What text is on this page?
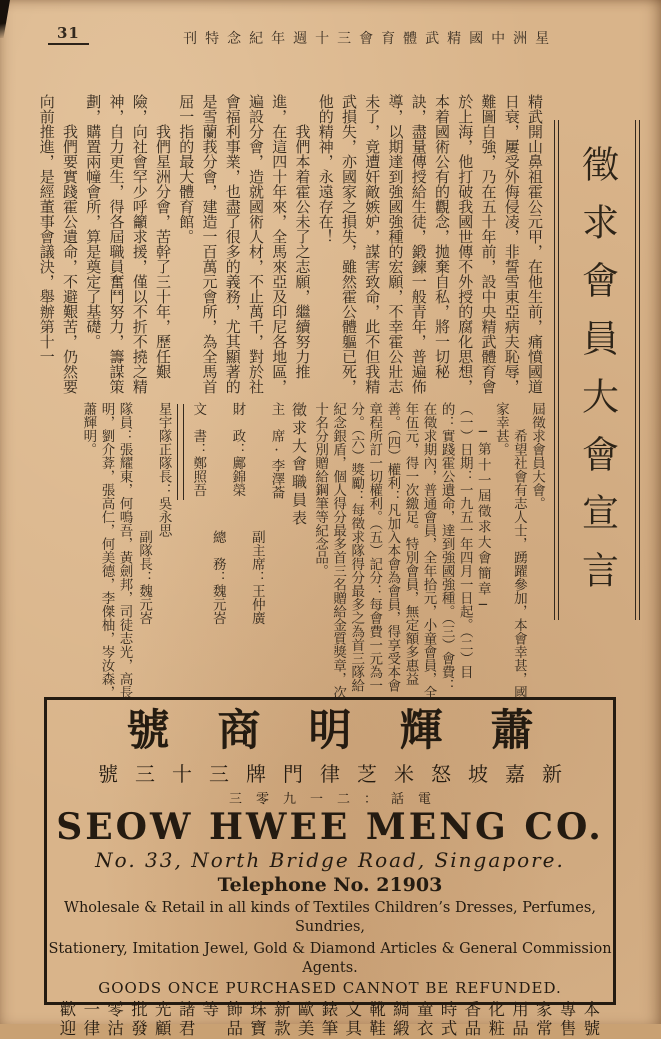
31	刊特念紀年週十三會育體武精國中洲星

精武開山鼻祖霍公元甲，在他生前，痛憤國道日衰，屢受外侮侵凌，非誓雪東亞病夫恥辱，難圖自強，乃在五十年前，設中央精武體育會於上海，他打破我國世傳不外授的腐化思想，本着國術公有的觀念，拋棄自私，將一切秘訣，盡量傳授給生徒，鍛鍊一般青年，普遍佈導，以期達到強國強種的宏願，不幸霍公壯志未了，竟遭奸敵嫉妒，謀害致命，此不但我精武損失，亦國家之損失，雖然霍公體軀已死，他的精神，永遠存在！

我們本着霍公未了之志願，繼續努力推進，在這四十年來，全馬來亞及印尼各地區，遍設分會，造就國術人材，不止萬千，對於社會福利事業，也盡了很多的義務，尤其顯著的是雪蘭莪分會，建造一百萬元會所，為全馬首屈一指的最大體育館。

我們星洲分會，苦幹了三十年，歷任艱險，向社會罕少呼籲求援，僅以不折不撓之精神，自力更生，得各屆職員奮鬥努力，籌謀策劃，購置兩幢會所，算是奠定了基礎。

我們要實踐霍公遺命，不避艱苦，仍然要向前推進，是經董事會議決，舉辦第十一

屆徵求會員大會。

希望社會有志人士，踴躍參加，本會幸甚，國家幸甚。

─第十一屆徵求大會簡章─

（一）日期：一九五一年四月一日起。（二）目的：實踐霍公遺命，達到強國強種。（三）會費：在徵求期內，普通會員，全年拾元，小童會員，全年伍元，得一次繳足。特別會員，無定額多惠益善。（四）權利：凡加入本會為會員，得享受本會章程所訂一切權利。（五）記分：每會費一元為一分。（六）獎勵：每徵求隊得分最多之為首三隊給紀念銀盾，個人得分最多首三名贈給金質獎章，次十名分別贈給鋼筆等紀念品。

徵求大會職員表

主　席·李澤菕
副主席：王仲廣
財　政：鄺錦榮
總　務：魏元峇
文　書：鄭照吾
星宇隊正隊長：吳永思
副隊長：魏元峇

隊員：張耀東，何鳴吾，黃劍邦，司徒志光，高長明，劉介葊，張高仁，何美德，李傑柚，岑汝森，蕭輝明。	徵求會員大會宣言
號商明輝蕭
號三十三牌門律芝米怒坡嘉新
三零九一二：話電
SEOW HWEE MENG CO.
No. 33, North Bridge Road, Singapore.
Telephone No. 21903
Wholesale & Retail in all kinds of Textiles Children’s Dresses, Perfumes, Sundries,
Stationery, Imitation Jewel, Gold & Diamond Articles & General Commission Agents.
GOODS ONCE PURCHASED CANNOT BE REFUNDED.
歡迎
一律
零沽
批發
光顧
諸君
等 飾品
珠寶
新款
歐美
錶筆
文具
靴鞋
綢緞
童衣
時式
香品
化粧
用品
家常
專售
本號
